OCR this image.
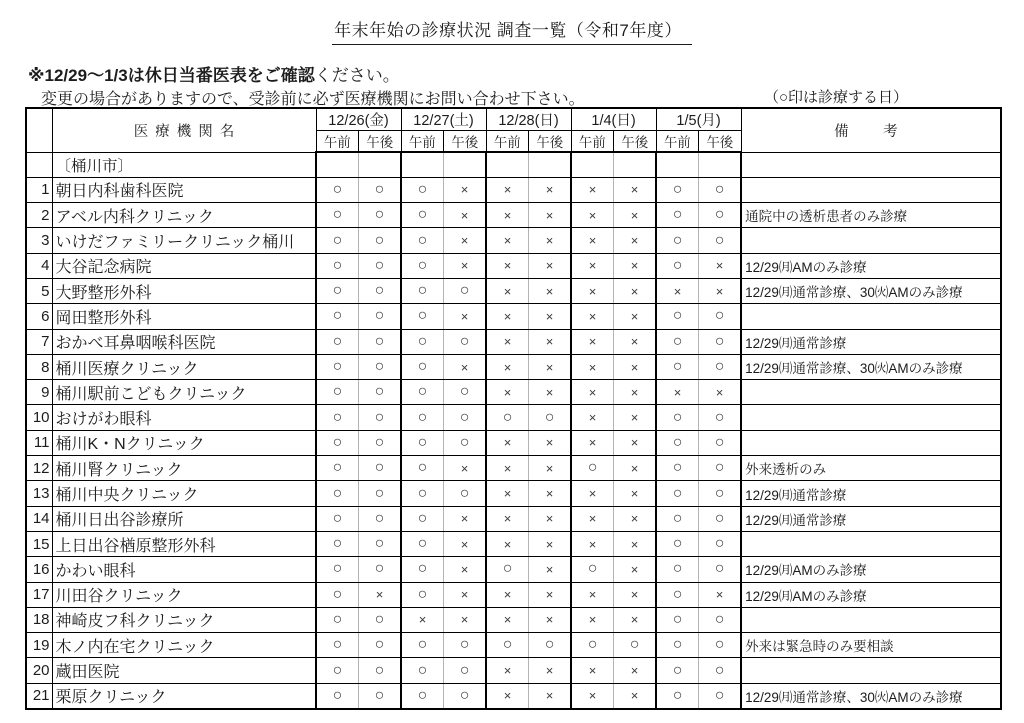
年末年始の診療状況 調査一覧（令和7年度）
※12/29～1/3は休日当番医表をご確認ください。
変更の場合がありますので、受診前に必ず医療機関にお問い合わせ下さい。	（○印は診療する日）
	医療機関名	12/26(金)		12/27(土)		12/28(日)		1/4(日)		1/5(月)		備　考
		午前	午後	午前	午後	午前	午後	午前	午後	午前	午後	
	〔桶川市〕											
1	朝日内科歯科医院	○	○	○	×	×	×	×	×	○	○	
2	アベル内科クリニック	○	○	○	×	×	×	×	×	○	○	通院中の透析患者のみ診療
3	いけだファミリークリニック桶川	○	○	○	×	×	×	×	×	○	○	
4	大谷記念病院	○	○	○	×	×	×	×	×	○	×	12/29㈪AMのみ診療
5	大野整形外科	○	○	○	○	×	×	×	×	×	×	12/29㈪通常診療、30㈫AMのみ診療
6	岡田整形外科	○	○	○	×	×	×	×	×	○	○	
7	おかべ耳鼻咽喉科医院	○	○	○	○	×	×	×	×	○	○	12/29㈪通常診療
8	桶川医療クリニック	○	○	○	×	×	×	×	×	○	○	12/29㈪通常診療、30㈫AMのみ診療
9	桶川駅前こどもクリニック	○	○	○	○	×	×	×	×	×	×	
10	おけがわ眼科	○	○	○	○	○	○	×	×	○	○	
11	桶川K・Nクリニック	○	○	○	○	×	×	×	×	○	○	
12	桶川腎クリニック	○	○	○	×	×	×	○	×	○	○	外来透析のみ
13	桶川中央クリニック	○	○	○	○	×	×	×	×	○	○	12/29㈪通常診療
14	桶川日出谷診療所	○	○	○	×	×	×	×	×	○	○	12/29㈪通常診療
15	上日出谷楢原整形外科	○	○	○	×	×	×	×	×	○	○	
16	かわい眼科	○	○	○	×	○	×	○	×	○	○	12/29㈪AMのみ診療
17	川田谷クリニック	○	×	○	×	×	×	×	×	○	×	12/29㈪AMのみ診療
18	神崎皮フ科クリニック	○	○	×	×	×	×	×	×	○	○	
19	木ノ内在宅クリニック	○	○	○	○	○	○	○	○	○	○	外来は緊急時のみ要相談
20	蔵田医院	○	○	○	○	×	×	×	×	○	○	
21	栗原クリニック	○	○	○	○	×	×	×	×	○	○	12/29㈪通常診療、30㈫AMのみ診療
